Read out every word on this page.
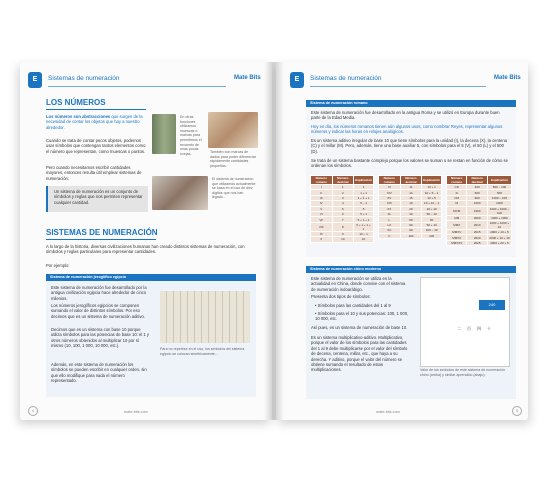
E	Sistemas de numeración	Mate Bits
LOS NÚMEROS
Los números son abstracciones que surgen de la necesidad de contar los objetos que hay a nuestro alrededor.
Cuando se trata de contar pocos objetos, podemos usar símbolos que contengan tantos elementos como el número que representan, como muescas o puntos.
Pero cuando necesitamos escribir cantidades mayores, entonces resulta útil emplear sistemas de numeración.
Un sistema de numeración es un conjunto de símbolos y reglas que nos permiten representar cualquier cantidad.
En otras funciones utilizamos muescas o marcas para permitirnos el recuento de unas pocas ovejas.	También con marcas de dados para poder diferenciar rápidamente cantidades pequeñas.
El sistema de numeración que utilizamos actualmente se basa en el uso de diez dígitos que nos han legado...
SISTEMAS DE NUMERACIÓN
A lo largo de la historia, diversas civilizaciones humanas han creado distintos sistemas de numeración, con símbolos y reglas particulares para representar cantidades.
Por ejemplo:
Sistema de numeración jeroglífico egipcio
Este sistema de numeración fue desarrollado por la antigua civilización egipcia hace alrededor de cinco milenios.
Los números jeroglíficos egipcios se componen sumando el valor de distintos símbolos. Por eso decimos que es un sistema de numeración aditivo.
Decimos que es un sistema con base 10 porque utiliza símbolos para las potencias de base 10: el 1 y otros números obtenidos al multiplicar 10 por sí mismo (10, 100, 1 000, 10 000, etc.).
Además, en este sistema de numeración los símbolos se pueden escribir en cualquier orden, sin que ello modifique para nada el número representado.
Para no repetirse en el uso, los símbolos del sistema egipcio se colocan simétricamente...
4	mate-bits.com
E	Sistemas de numeración	Mate Bits
Sistema de numeración romano
Este sistema de numeración fue desarrollado en la antigua Roma y se utilizó en Europa durante buen parte de la Edad Media.
Hoy en día, los números romanos tienen aún algunos usos, como nombrar Reyes, representar algunos números y indicar las horas en relojes analógicos.
Es un sistema aditivo irregular de base 10 que tiene símbolos para la unidad (I), la decena (X), la centena (C) y el millar (M). Pero, además, tiene una base auxiliar 5, con símbolos para el 5 (V), el 50 (L) y el 500 (D).
Se trata de un sistema bastante complejo porque los valores se suman o se restan en función de cómo se ordenan los símbolos.
Número romano	Número decimal	Explicación
I	1	1
II	2	1 + 1
III	3	1 + 1 + 1
IV	4	5 − 1
V	5	5
VI	6	5 + 1
VII	7	5 + 1 + 1
VIII	8	5 + 1 + 1 + 1
IX	9	10 − 1
X	10	10
Número romano	Número decimal	Explicación
XI	11	10 + 1
XIV	14	10 + 5 − 1
XV	15	10 + 5
XIX	19	10 + 10 − 1
XX	20	10 + 10
XL	40	50 − 10
L	50	50
LX	60	50 + 10
XC	90	100 − 10
C	100	100
Número romano	Número decimal	Explicación
CD	400	500 − 100
D	500	500
CM	900	1000 − 100
M	1000	1000
MCM	1900	1000 + 1000 − 100
MM	2000	1000 + 1000
MMX	2010	1000 + 1000 + 10
MMXV	2015	2000 + 10 + 5
MMXX	2020	2000 + 10 + 10
MMXXV	2025	2000 + 20 + 5
Sistema de numeración chino moderno
Este sistema de numeración se utiliza en la actualidad en China, donde convive con el sistema de numeración indoarábigo.
Presenta dos tipos de símbolos:
• Símbolos para las cantidades del 1 al 9
• Símbolos para el 10 y sus potencias: 100, 1 000, 10 000, etc.
Así pues, es un sistema de numeración de base 10.
Es un sistema multiplicativo-aditivo. Multiplicativo, porque el valor de los símbolos para las cantidades del 1 al 9 debe multiplicarse por el valor del símbolo de decena, centena, millar, etc., que haya a su derecha. Y aditivo, porque el valor del número se obtiene sumando el resultado de estas multiplicaciones.
240
二 百 四 十
Valor de los símbolos de este sistema de numeración chino (arriba) y similar aprendido (abajo).
mate-bits.com	5
